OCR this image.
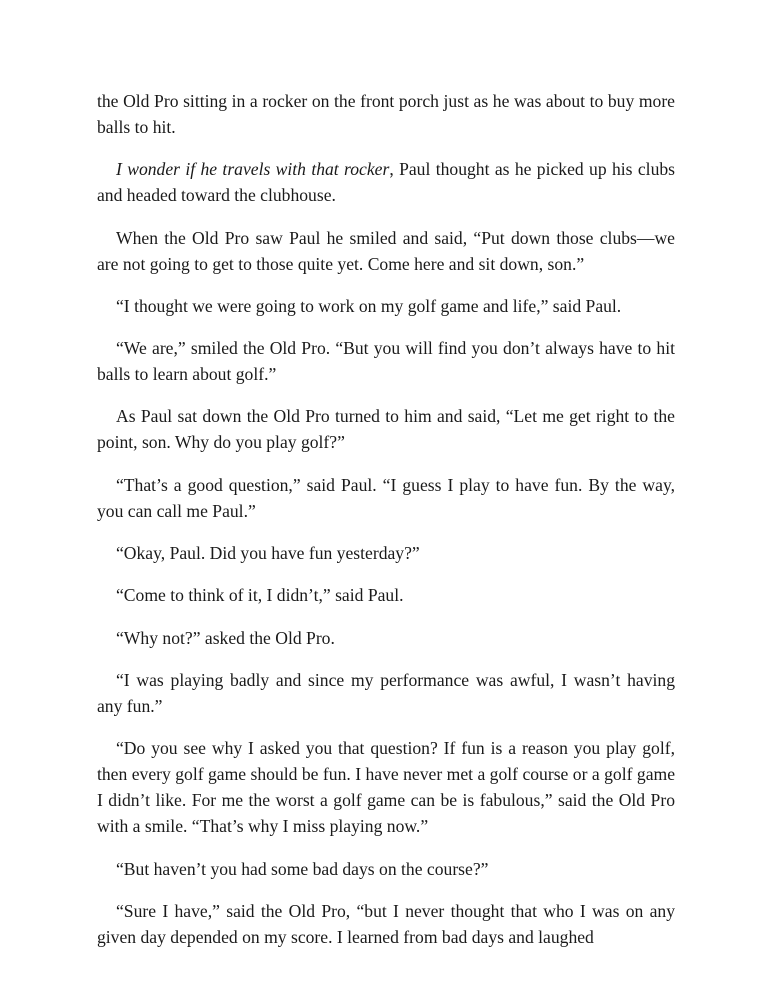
the Old Pro sitting in a rocker on the front porch just as he was about to buy more balls to hit.

I wonder if he travels with that rocker, Paul thought as he picked up his clubs and headed toward the clubhouse.

When the Old Pro saw Paul he smiled and said, “Put down those clubs—we are not going to get to those quite yet. Come here and sit down, son.”

“I thought we were going to work on my golf game and life,” said Paul.

“We are,” smiled the Old Pro. “But you will find you don’t always have to hit balls to learn about golf.”

As Paul sat down the Old Pro turned to him and said, “Let me get right to the point, son. Why do you play golf?”

“That’s a good question,” said Paul. “I guess I play to have fun. By the way, you can call me Paul.”

“Okay, Paul. Did you have fun yesterday?”

“Come to think of it, I didn’t,” said Paul.

“Why not?” asked the Old Pro.

“I was playing badly and since my performance was awful, I wasn’t having any fun.”

“Do you see why I asked you that question? If fun is a reason you play golf, then every golf game should be fun. I have never met a golf course or a golf game I didn’t like. For me the worst a golf game can be is fabulous,” said the Old Pro with a smile. “That’s why I miss playing now.”

“But haven’t you had some bad days on the course?”

“Sure I have,” said the Old Pro, “but I never thought that who I was on any given day depended on my score. I learned from bad days and laughed
